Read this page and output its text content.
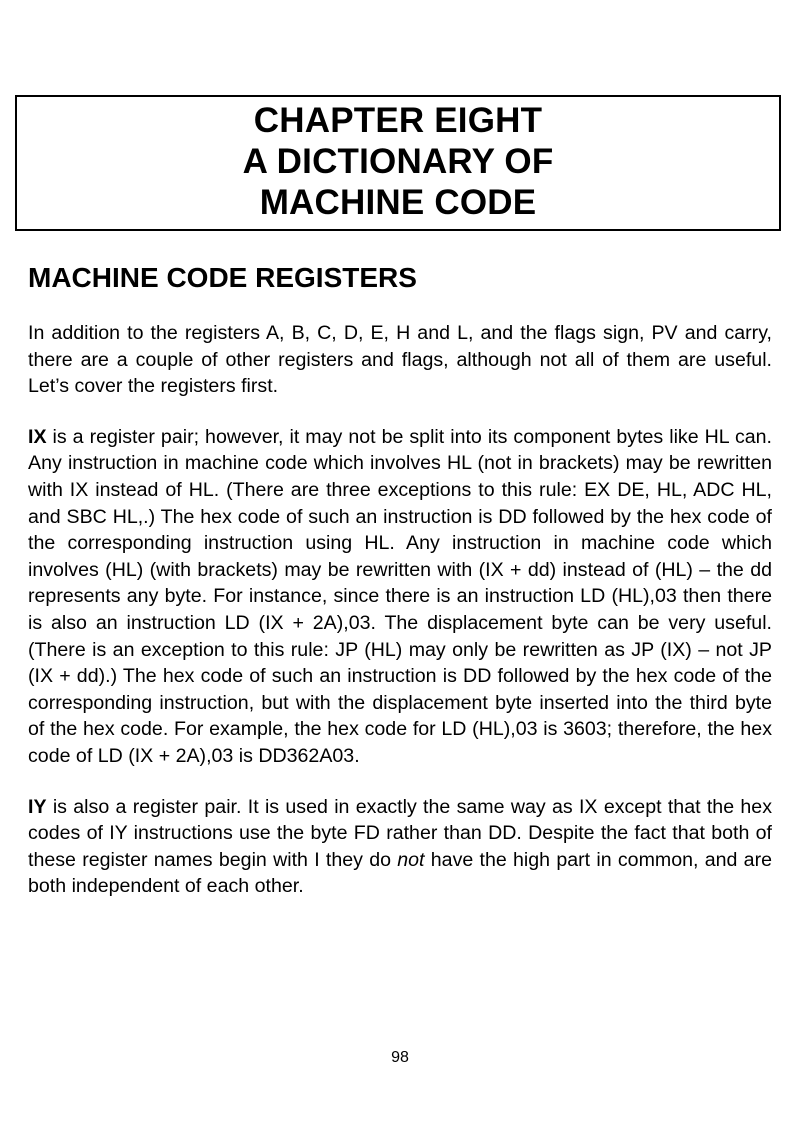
CHAPTER EIGHT
A DICTIONARY OF
MACHINE CODE
MACHINE CODE REGISTERS

In addition to the registers A, B, C, D, E, H and L, and the flags sign, PV and carry, there are a couple of other registers and flags, although not all of them are useful. Let’s cover the registers first.

IX is a register pair; however, it may not be split into its component bytes like HL can. Any instruction in machine code which involves HL (not in brackets) may be rewritten with IX instead of HL. (There are three exceptions to this rule: EX DE, HL, ADC HL, and SBC HL,.) The hex code of such an instruction is DD followed by the hex code of the corresponding instruction using HL. Any instruction in machine code which involves (HL) (with brackets) may be rewritten with (IX + dd) instead of (HL) – the dd represents any byte. For instance, since there is an instruction LD (HL),03 then there is also an instruction LD (IX + 2A),03. The displacement byte can be very useful. (There is an exception to this rule: JP (HL) may only be rewritten as JP (IX) – not JP (IX + dd).) The hex code of such an instruction is DD followed by the hex code of the corresponding instruction, but with the displacement byte inserted into the third byte of the hex code. For example, the hex code for LD (HL),03 is 3603; therefore, the hex code of LD (IX + 2A),03 is DD362A03.

IY is also a register pair. It is used in exactly the same way as IX except that the hex codes of IY instructions use the byte FD rather than DD. Despite the fact that both of these register names begin with I they do not have the high part in common, and are both independent of each other.

98
